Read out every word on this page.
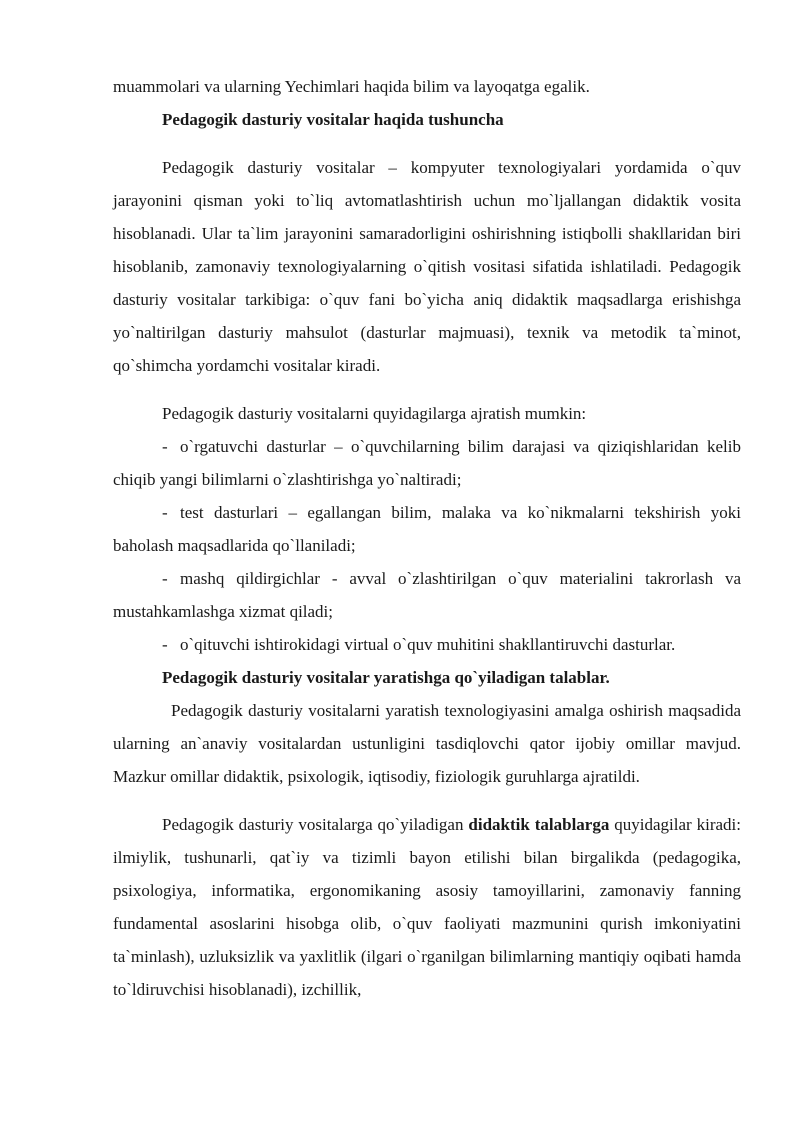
muammolari va ularning Yechimlari haqida bilim va layoqatga egalik.

Pedagogik dasturiy vositalar haqida tushuncha

Pedagogik dasturiy vositalar – kompyuter texnologiyalari yordamida o`quv jarayonini qisman yoki to`liq avtomatlashtirish uchun mo`ljallangan didaktik vosita hisoblanadi. Ular ta`lim jarayonini samaradorligini oshirishning istiqbolli shakllaridan biri hisoblanib, zamonaviy texnologiyalarning o`qitish vositasi sifatida ishlatiladi. Pedagogik dasturiy vositalar tarkibiga: o`quv fani bo`yicha aniq didaktik maqsadlarga erishishga yo`naltirilgan dasturiy mahsulot (dasturlar majmuasi), texnik va metodik ta`minot, qo`shimcha yordamchi vositalar kiradi.

Pedagogik dasturiy vositalarni quyidagilarga ajratish mumkin:

- o`rgatuvchi dasturlar – o`quvchilarning bilim darajasi va qiziqishlaridan kelib chiqib yangi bilimlarni o`zlashtirishga yo`naltiradi;

- test dasturlari – egallangan bilim, malaka va ko`nikmalarni tekshirish yoki baholash maqsadlarida qo`llaniladi;

- mashq qildirgichlar - avval o`zlashtirilgan o`quv materialini takrorlash va mustahkamlashga xizmat qiladi;

- o`qituvchi ishtirokidagi virtual o`quv muhitini shakllantiruvchi dasturlar.

Pedagogik dasturiy vositalar yaratishga qo`yiladigan talablar.

Pedagogik dasturiy vositalarni yaratish texnologiyasini amalga oshirish maqsadida ularning an`anaviy vositalardan ustunligini tasdiqlovchi qator ijobiy omillar mavjud. Mazkur omillar didaktik, psixologik, iqtisodiy, fiziologik guruhlarga ajratildi.

Pedagogik dasturiy vositalarga qo`yiladigan didaktik talablarga quyidagilar kiradi: ilmiylik, tushunarli, qat`iy va tizimli bayon etilishi bilan birgalikda (pedagogika, psixologiya, informatika, ergonomikaning asosiy tamoyillarini, zamonaviy fanning fundamental asoslarini hisobga olib, o`quv faoliyati mazmunini qurish imkoniyatini ta`minlash), uzluksizlik va yaxlitlik (ilgari o`rganilgan bilimlarning mantiqiy oqibati hamda to`ldiruvchisi hisoblanadi), izchillik,
